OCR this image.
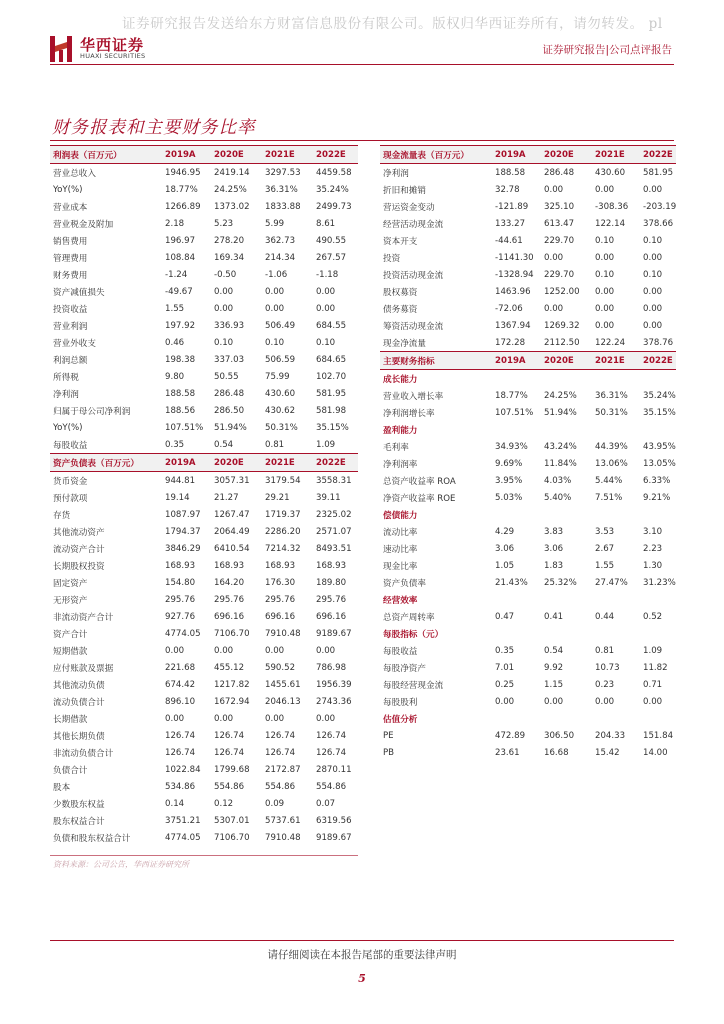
证券研究报告发送给东方财富信息股份有限公司。版权归华西证券所有，请勿转发。 pl
华西证券
HUAXI SECURITIES	证券研究报告|公司点评报告
财务报表和主要财务比率
利润表（百万元）	2019A	2020E	2021E	2022E
营业总收入	1946.95	2419.14	3297.53	4459.58
YoY(%)	18.77%	24.25%	36.31%	35.24%
营业成本	1266.89	1373.02	1833.88	2499.73
营业税金及附加	2.18	5.23	5.99	8.61
销售费用	196.97	278.20	362.73	490.55
管理费用	108.84	169.34	214.34	267.57
财务费用	-1.24	-0.50	-1.06	-1.18
资产减值损失	-49.67	0.00	0.00	0.00
投资收益	1.55	0.00	0.00	0.00
营业利润	197.92	336.93	506.49	684.55
营业外收支	0.46	0.10	0.10	0.10
利润总额	198.38	337.03	506.59	684.65
所得税	9.80	50.55	75.99	102.70
净利润	188.58	286.48	430.60	581.95
归属于母公司净利润	188.56	286.50	430.62	581.98
YoY(%)	107.51%	51.94%	50.31%	35.15%
每股收益	0.35	0.54	0.81	1.09
资产负债表（百万元）	2019A	2020E	2021E	2022E
货币资金	944.81	3057.31	3179.54	3558.31
预付款项	19.14	21.27	29.21	39.11
存货	1087.97	1267.47	1719.37	2325.02
其他流动资产	1794.37	2064.49	2286.20	2571.07
流动资产合计	3846.29	6410.54	7214.32	8493.51
长期股权投资	168.93	168.93	168.93	168.93
固定资产	154.80	164.20	176.30	189.80
无形资产	295.76	295.76	295.76	295.76
非流动资产合计	927.76	696.16	696.16	696.16
资产合计	4774.05	7106.70	7910.48	9189.67
短期借款	0.00	0.00	0.00	0.00
应付账款及票据	221.68	455.12	590.52	786.98
其他流动负债	674.42	1217.82	1455.61	1956.39
流动负债合计	896.10	1672.94	2046.13	2743.36
长期借款	0.00	0.00	0.00	0.00
其他长期负债	126.74	126.74	126.74	126.74
非流动负债合计	126.74	126.74	126.74	126.74
负债合计	1022.84	1799.68	2172.87	2870.11
股本	534.86	554.86	554.86	554.86
少数股东权益	0.14	0.12	0.09	0.07
股东权益合计	3751.21	5307.01	5737.61	6319.56
负债和股东权益合计	4774.05	7106.70	7910.48	9189.67
现金流量表（百万元）	2019A	2020E	2021E	2022E
净利润	188.58	286.48	430.60	581.95
折旧和摊销	32.78	0.00	0.00	0.00
营运资金变动	-121.89	325.10	-308.36	-203.19
经营活动现金流	133.27	613.47	122.14	378.66
资本开支	-44.61	229.70	0.10	0.10
投资	-1141.30	0.00	0.00	0.00
投资活动现金流	-1328.94	229.70	0.10	0.10
股权募资	1463.96	1252.00	0.00	0.00
债务募资	-72.06	0.00	0.00	0.00
筹资活动现金流	1367.94	1269.32	0.00	0.00
现金净流量	172.28	2112.50	122.24	378.76
主要财务指标	2019A	2020E	2021E	2022E
成长能力				
营业收入增长率	18.77%	24.25%	36.31%	35.24%
净利润增长率	107.51%	51.94%	50.31%	35.15%
盈利能力				
毛利率	34.93%	43.24%	44.39%	43.95%
净利润率	9.69%	11.84%	13.06%	13.05%
总资产收益率 ROA	3.95%	4.03%	5.44%	6.33%
净资产收益率 ROE	5.03%	5.40%	7.51%	9.21%
偿债能力				
流动比率	4.29	3.83	3.53	3.10
速动比率	3.06	3.06	2.67	2.23
现金比率	1.05	1.83	1.55	1.30
资产负债率	21.43%	25.32%	27.47%	31.23%
经营效率				
总资产周转率	0.47	0.41	0.44	0.52
每股指标（元）				
每股收益	0.35	0.54	0.81	1.09
每股净资产	7.01	9.92	10.73	11.82
每股经营现金流	0.25	1.15	0.23	0.71
每股股利	0.00	0.00	0.00	0.00
估值分析				
PE	472.89	306.50	204.33	151.84
PB	23.61	16.68	15.42	14.00
资料来源：公司公告，华西证券研究所
请仔细阅读在本报告尾部的重要法律声明
5
